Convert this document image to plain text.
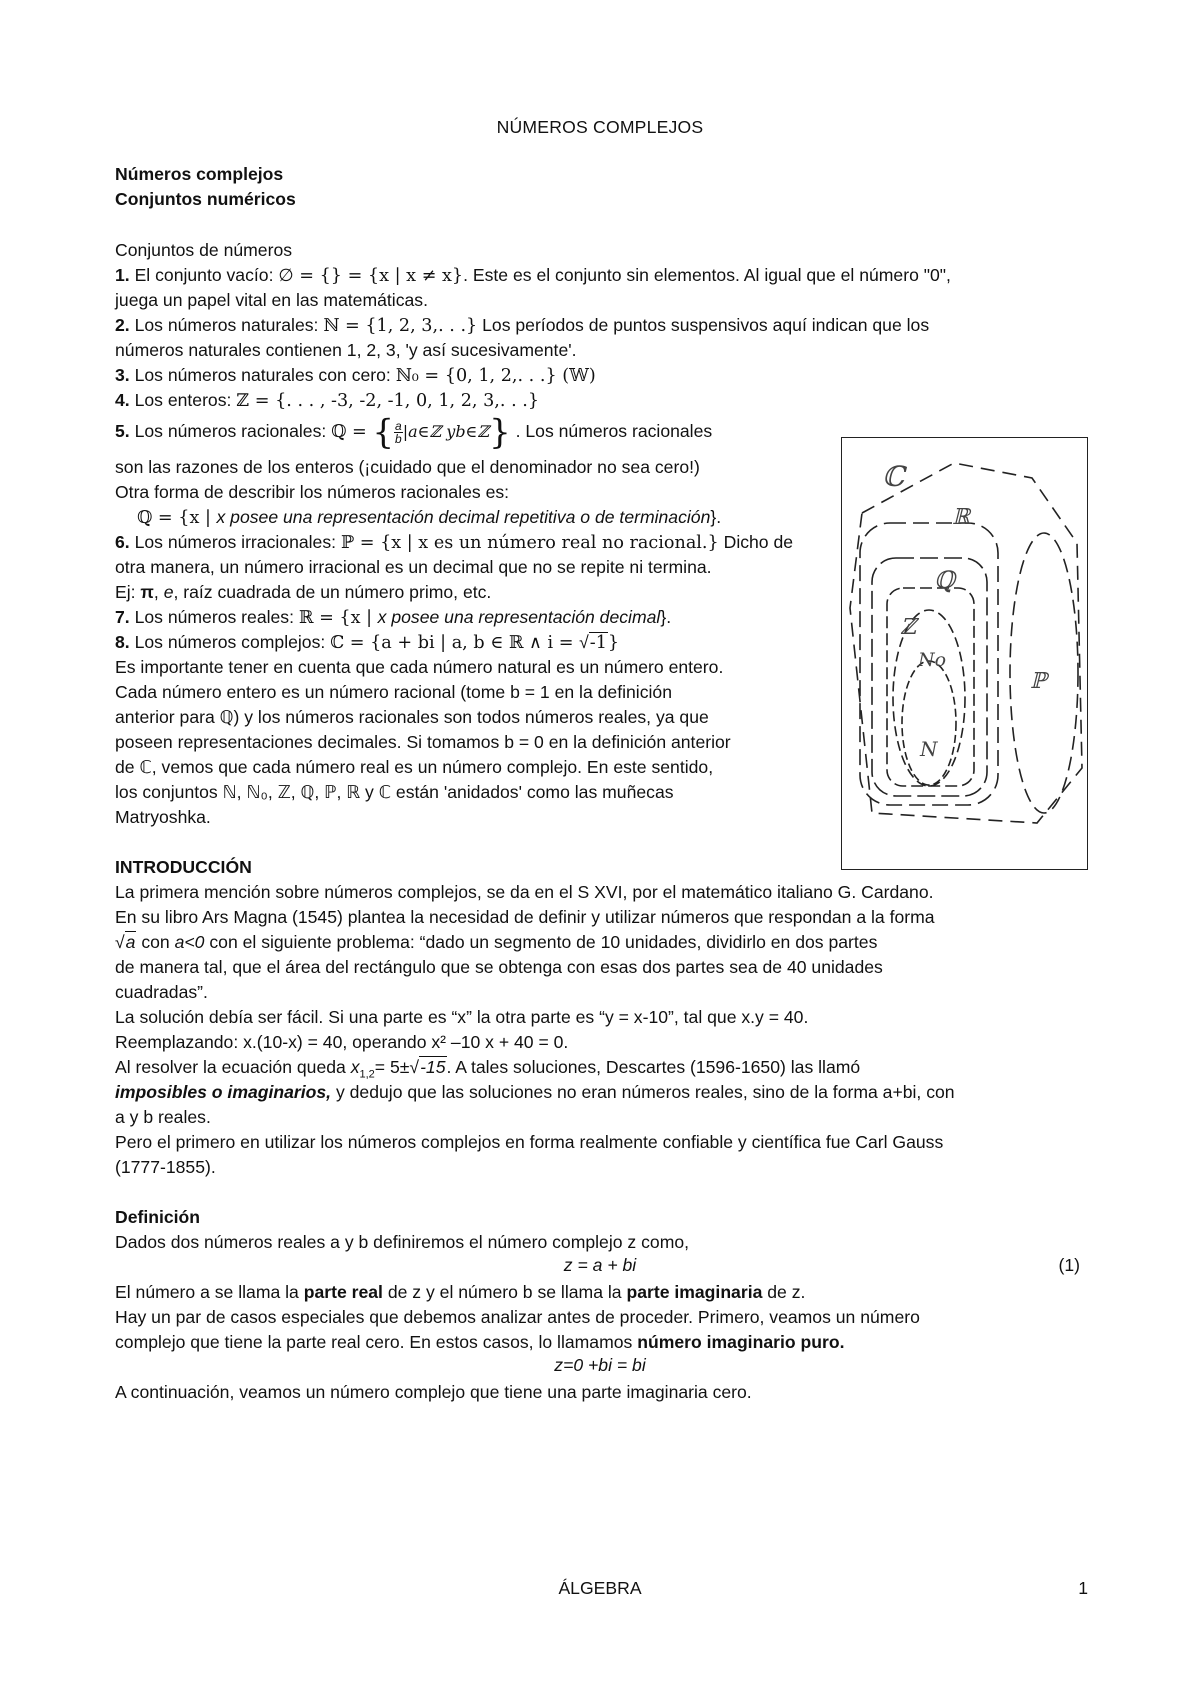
NÚMEROS COMPLEJOS
Números complejos
Conjuntos numéricos
Conjuntos de números
1. El conjunto vacío: ∅ = {} = {x | x ≠ x}. Este es el conjunto sin elementos. Al igual que el número "0",
juega un papel vital en las matemáticas.
2. Los números naturales: ℕ = {1, 2, 3,. . .} Los períodos de puntos suspensivos aquí indican que los
números naturales contienen 1, 2, 3, 'y así sucesivamente'.
3. Los números naturales con cero: ℕ₀ = {0, 1, 2,. . .} (𝕎)
4. Los enteros: ℤ = {. . . , -3, -2, -1, 0, 1, 2, 3,. . .}
5. Los números racionales: ℚ = { $\frac{a}{b}$ |a∈ℤ yb∈ℤ} . Los números racionales
son las razones de los enteros (¡cuidado que el denominador no sea cero!)
Otra forma de describir los números racionales es:
ℚ = {x | x posee una representación decimal repetitiva o de terminación}.
6. Los números irracionales: ℙ = {x | x es un número real no racional.} Dicho de
otra manera, un número irracional es un decimal que no se repite ni termina.
Ej: π, e, raíz cuadrada de un número primo, etc.
7. Los números reales: ℝ = {x | x posee una representación decimal}.
8. Los números complejos: ℂ = {a + bi | a, b ∈ ℝ ∧ i = √-1}
Es importante tener en cuenta que cada número natural es un número entero.
Cada número entero es un número racional (tome b = 1 en la definición
anterior para ℚ) y los números racionales son todos números reales, ya que
poseen representaciones decimales. Si tomamos b = 0 en la definición anterior
de ℂ, vemos que cada número real es un número complejo. En este sentido,
los conjuntos ℕ, ℕ₀, ℤ, ℚ, ℙ, ℝ y ℂ están 'anidados' como las muñecas
Matryoshka.
ℂ
ℝ
ℚ
ℤ
No
N
ℙ
INTRODUCCIÓN
La primera mención sobre números complejos, se da en el S XVI, por el matemático italiano G. Cardano.
En su libro Ars Magna (1545) plantea la necesidad de definir y utilizar números que respondan a la forma
√a con a<0 con el siguiente problema: “dado un segmento de 10 unidades, dividirlo en dos partes
de manera tal, que el área del rectángulo que se obtenga con esas dos partes sea de 40 unidades
cuadradas”.
La solución debía ser fácil. Si una parte es “x” la otra parte es “y = x-10”, tal que x.y = 40.
Reemplazando: x.(10-x) = 40, operando x² –10 x + 40 = 0.
Al resolver la ecuación queda $x_{1,2}= 5\pm√-15$. A tales soluciones, Descartes (1596-1650) las llamó
imposibles o imaginarios, y dedujo que las soluciones no eran números reales, sino de la forma a+bi, con
a y b reales.
Pero el primero en utilizar los números complejos en forma realmente confiable y científica fue Carl Gauss
(1777-1855).
Definición
Dados dos números reales a y b definiremos el número complejo z como,
z = a + bi	(1)
El número a se llama la parte real de z y el número b se llama la parte imaginaria de z.
Hay un par de casos especiales que debemos analizar antes de proceder. Primero, veamos un número
complejo que tiene la parte real cero. En estos casos, lo llamamos número imaginario puro.
z=0 +bi = bi
A continuación, veamos un número complejo que tiene una parte imaginaria cero.
ÁLGEBRA	1
